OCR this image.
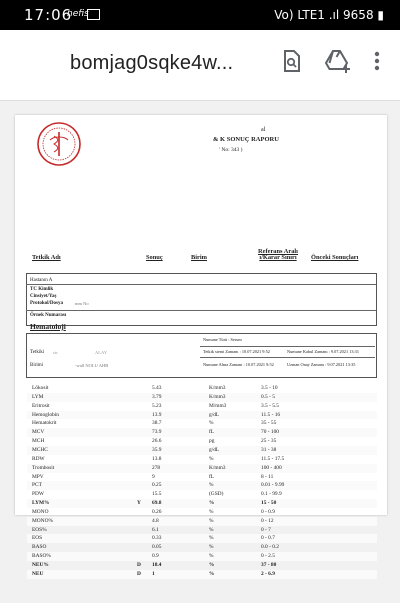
17:06
nefis	Vo) LTE1 .ıl 9658 ▮
bomjag0sqke4w...
al
& K SONUÇ RAPORU
' No: 343 )
Hastanın A
TC Kimlik
Cinsiyet/Yaş
Protokol/Dosya	mm No
Örnek Numarası
Hematoloji
Tetkiki stc	ALAY
Birimi	-wall NOLU AHB
Numune Türü : Serum
Tetkik stemi Zamanı : 10.07.2021 9:52
Numune Alma Zamanı : 10.07.2021 9:52
Numune Kabul Zamanı : 9.07.2021 13:31
Uzman Onay Zamanı : 9.07.2021 13:35
Tetkik Adı	Sonuç	Birim
Referans Aralı ı/Karar Sınırı	Önceki Sonuçları
Lökosit	5.43	K/mm3	3.5 - 10
LYM	3.79	K/mm3	0.5 - 5
Eritrosit	5.23	M/mm3	3.5 - 5.5
Hemoglobin	13.9	g/dL	11.5 - 16
Hematokrit	38.7	%	35 - 55
MCV	73.9	fL	70 - 100
MCH	26.6	pg	25 - 35
MCHC	35.9	g/dL	31 - 38
RDW	13.8	%	11.5 - 17.5
Trombosit	278	K/mm3	100 - 400
MPV	9	fL	8 - 11
PCT	0.25	%	0.01 - 9.99
PDW	15.5	(GSD)	0.1 - 99.9
LYM%	Y 69.8	%	15 - 50
MONO	0.26	%	0 - 0.9
MONO%	4.8	%	0 - 12
EOS%	6.1	%	0 - 7
EOS	0.33	%	0 - 0.7
BASO	0.05	%	0.0 - 0.2
BASO%	0.9	%	0 - 2.5
NEU%	D 18.4	%	37 - 80
NEU	D 1	%	2 - 6.9
